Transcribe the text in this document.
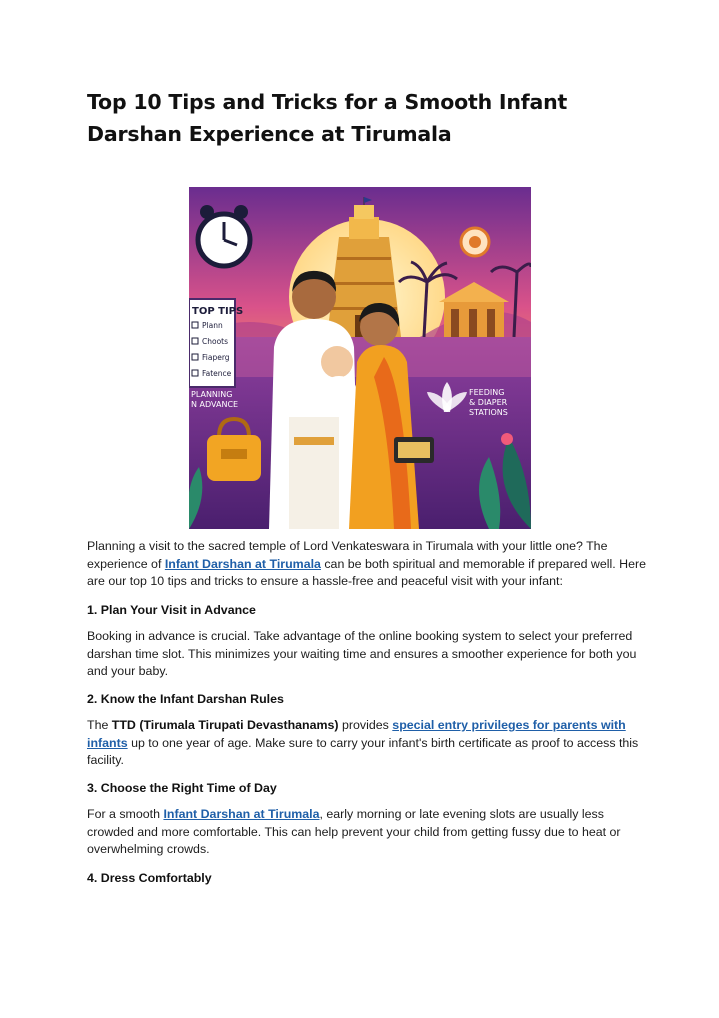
Top 10 Tips and Tricks for a Smooth Infant Darshan Experience at Tirumala
TOP TIPS
Plann
Choots
Fiaperg
Fatence
PLANNING
N ADVANCE
FEEDING
& DIAPER
STATIONS

Planning a visit to the sacred temple of Lord Venkateswara in Tirumala with your little one? The experience of Infant Darshan at Tirumala can be both spiritual and memorable if prepared well. Here are our top 10 tips and tricks to ensure a hassle-free and peaceful visit with your infant:

1. Plan Your Visit in Advance

Booking in advance is crucial. Take advantage of the online booking system to select your preferred darshan time slot. This minimizes your waiting time and ensures a smoother experience for both you and your baby.

2. Know the Infant Darshan Rules

The TTD (Tirumala Tirupati Devasthanams) provides special entry privileges for parents with infants up to one year of age. Make sure to carry your infant's birth certificate as proof to access this facility.

3. Choose the Right Time of Day

For a smooth Infant Darshan at Tirumala, early morning or late evening slots are usually less crowded and more comfortable. This can help prevent your child from getting fussy due to heat or overwhelming crowds.

4. Dress Comfortably
